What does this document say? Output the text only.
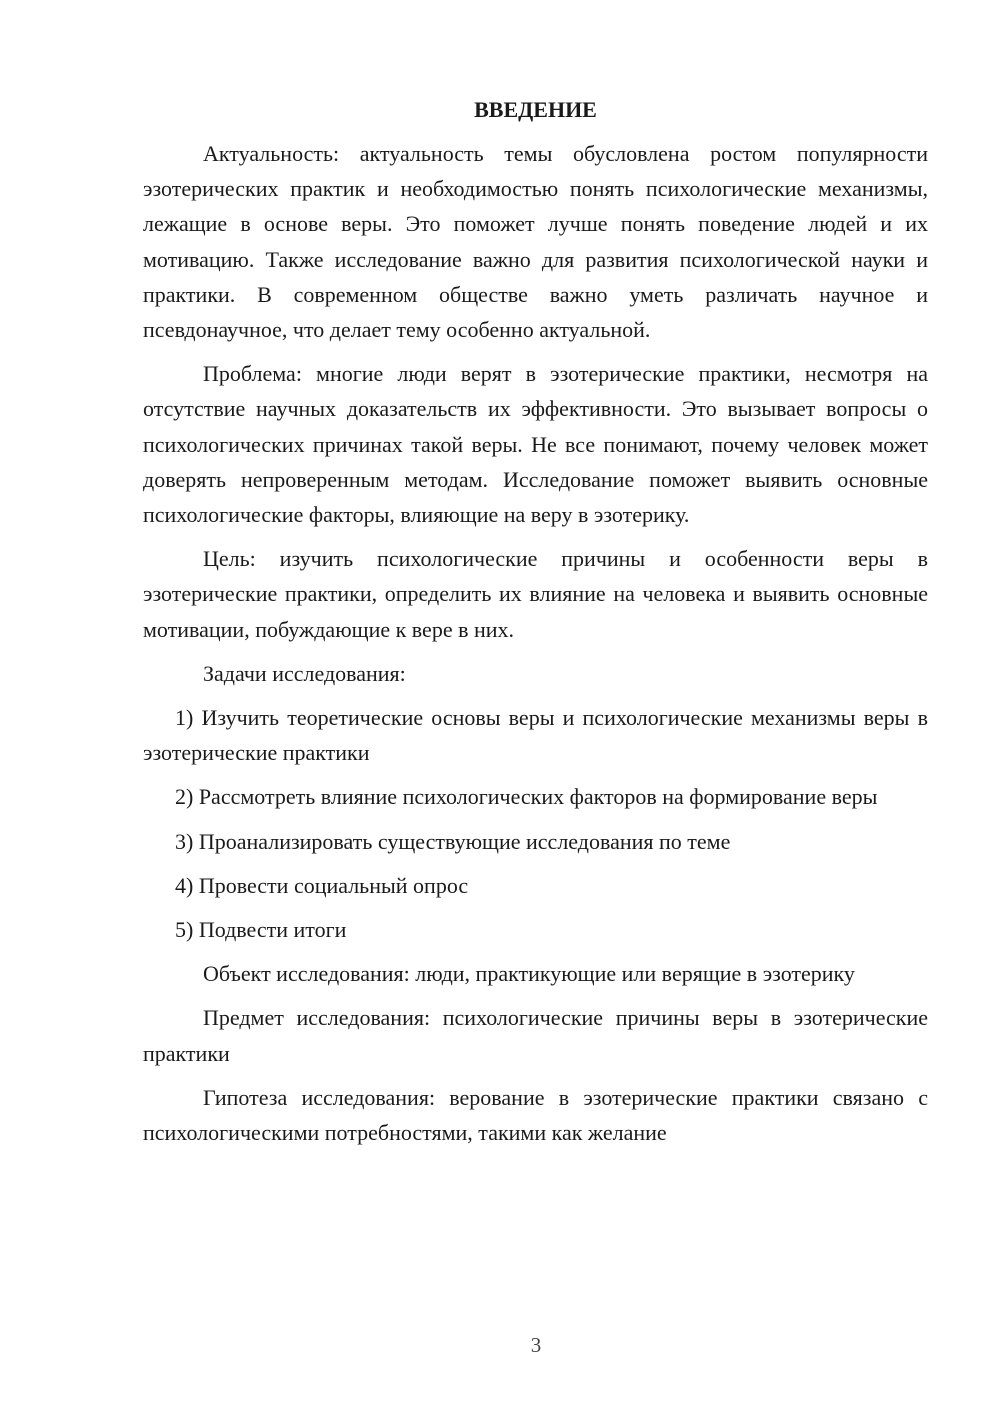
ВВЕДЕНИЕ

Актуальность: актуальность темы обусловлена ростом популярности эзотерических практик и необходимостью понять психологические механизмы, лежащие в основе веры. Это поможет лучше понять поведение людей и их мотивацию. Также исследование важно для развития психологической науки и практики. В современном обществе важно уметь различать научное и псевдонаучное, что делает тему особенно актуальной.

Проблема: многие люди верят в эзотерические практики, несмотря на отсутствие научных доказательств их эффективности. Это вызывает вопросы о психологических причинах такой веры. Не все понимают, почему человек может доверять непроверенным методам. Исследование поможет выявить основные психологические факторы, влияющие на веру в эзотерику.

Цель: изучить психологические причины и особенности веры в эзотерические практики, определить их влияние на человека и выявить основные мотивации, побуждающие к вере в них.

Задачи исследования:

1) Изучить теоретические основы веры и психологические механизмы веры в эзотерические практики

2) Рассмотреть влияние психологических факторов на формирование веры

3) Проанализировать существующие исследования по теме

4) Провести социальный опрос

5) Подвести итоги

Объект исследования: люди, практикующие или верящие в эзотерику

Предмет исследования: психологические причины веры в эзотерические практики

Гипотеза исследования: верование в эзотерические практики связано с психологическими потребностями, такими как желание

3
